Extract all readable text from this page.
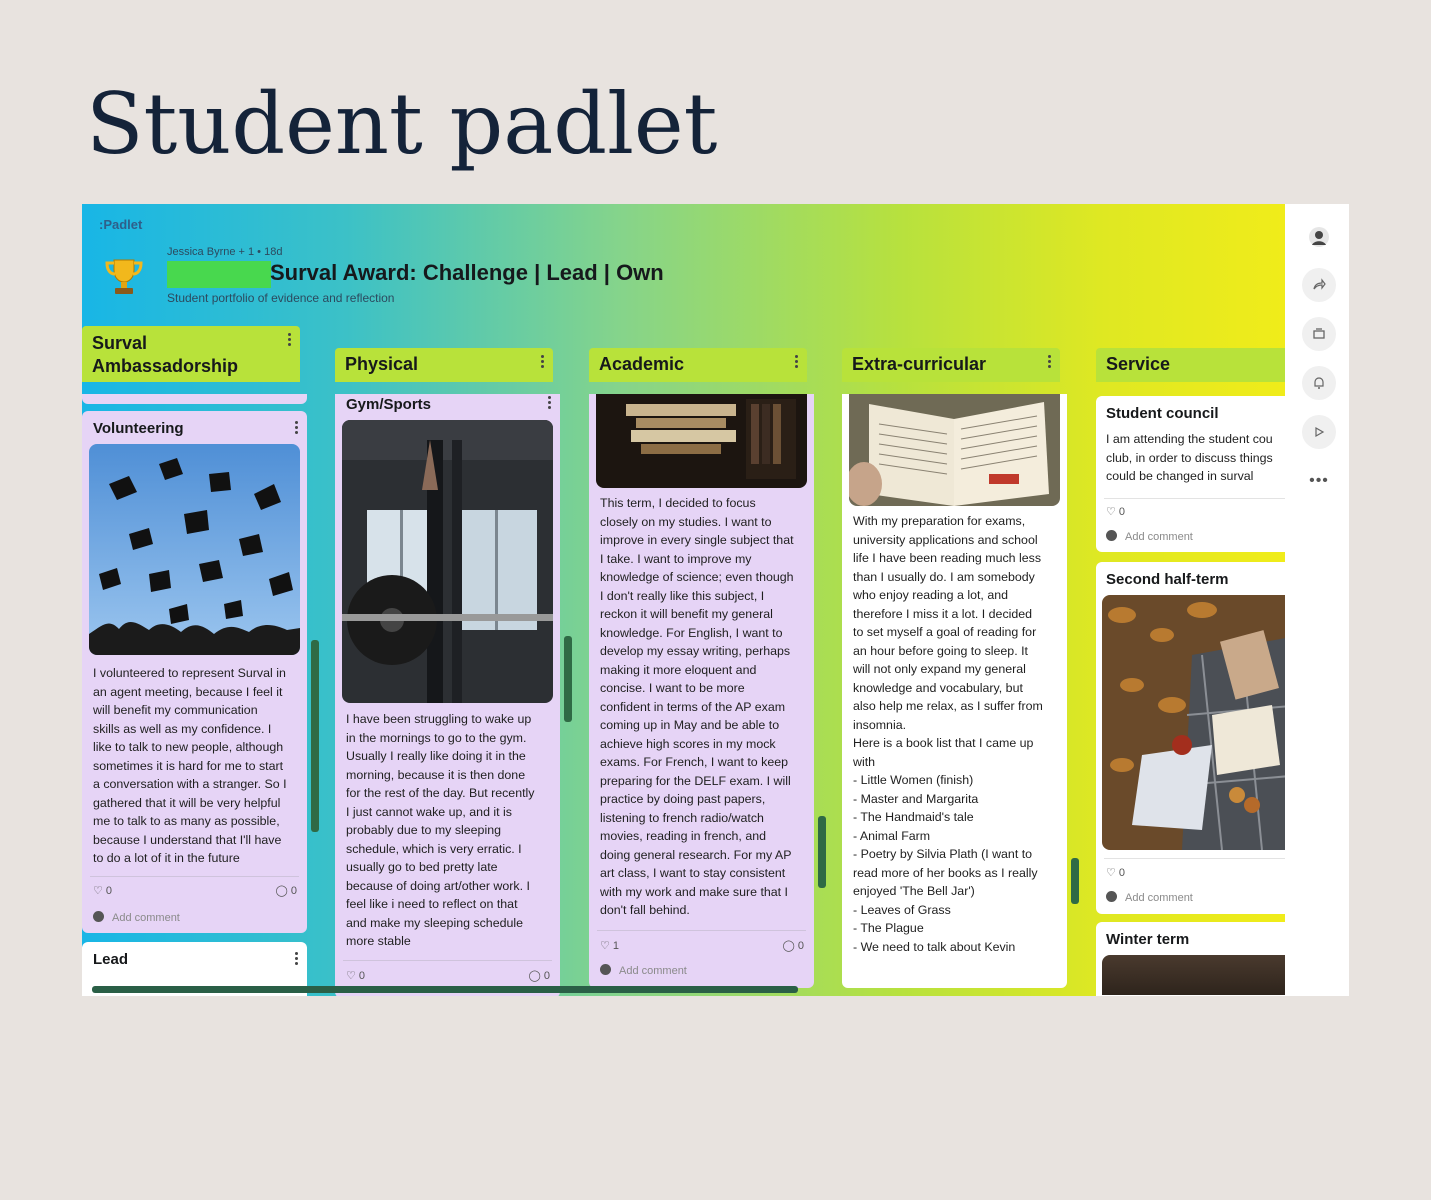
Student padlet
:Padlet
Jessica Byrne + 1 • 18d
Surval Award: Challenge | Lead | Own
Student portfolio of evidence and reflection
Surval
Ambassadorship	Physical	Academic	Extra-curricular	Service
Volunteering

I volunteered to represent Surval in
an agent meeting, because I feel it
will benefit my communication
skills as well as my confidence. I
like to talk to new people, although
sometimes it is hard for me to start
a conversation with a stranger. So I
gathered that it will be very helpful
me to talk to as many as possible,
because I understand that I'll have
to do a lot of it in the future

♡ 0	◯ 0
Add comment
Lead
Gym/Sports

I have been struggling to wake up
in the mornings to go to the gym.
Usually I really like doing it in the
morning, because it is then done
for the rest of the day. But recently
I just cannot wake up, and it is
probably due to my sleeping
schedule, which is very erratic. I
usually go to bed pretty late
because of doing art/other work. I
feel like i need to reflect on that
and make my sleeping schedule
more stable

♡ 0	◯ 0

This term, I decided to focus
closely on my studies. I want to
improve in every single subject that
I take. I want to improve my
knowledge of science; even though
I don't really like this subject, I
reckon it will benefit my general
knowledge. For English, I want to
develop my essay writing, perhaps
making it more eloquent and
concise. I want to be more
confident in terms of the AP exam
coming up in May and be able to
achieve high scores in my mock
exams. For French, I want to keep
preparing for the DELF exam. I will
practice by doing past papers,
listening to french radio/watch
movies, reading in french, and
doing general research. For my AP
art class, I want to stay consistent
with my work and make sure that I
don't fall behind.

♡ 1	◯ 0
Add comment

With my preparation for exams,
university applications and school
life I have been reading much less
than I usually do. I am somebody
who enjoy reading a lot, and
therefore I miss it a lot. I decided
to set myself a goal of reading for
an hour before going to sleep. It
will not only expand my general
knowledge and vocabulary, but
also help me relax, as I suffer from
insomnia.
Here is a book list that I came up
with
- Little Women (finish)
- Master and Margarita
- The Handmaid's tale
- Animal Farm
- Poetry by Silvia Plath (I want to
read more of her books as I really
enjoyed 'The Bell Jar')
- Leaves of Grass
- The Plague
- We need to talk about Kevin

Student council

I am attending the student cou
club, in order to discuss things
could be changed in surval

♡ 0
Add comment
Second half-term
♡ 0
Add comment
Winter term
•••
